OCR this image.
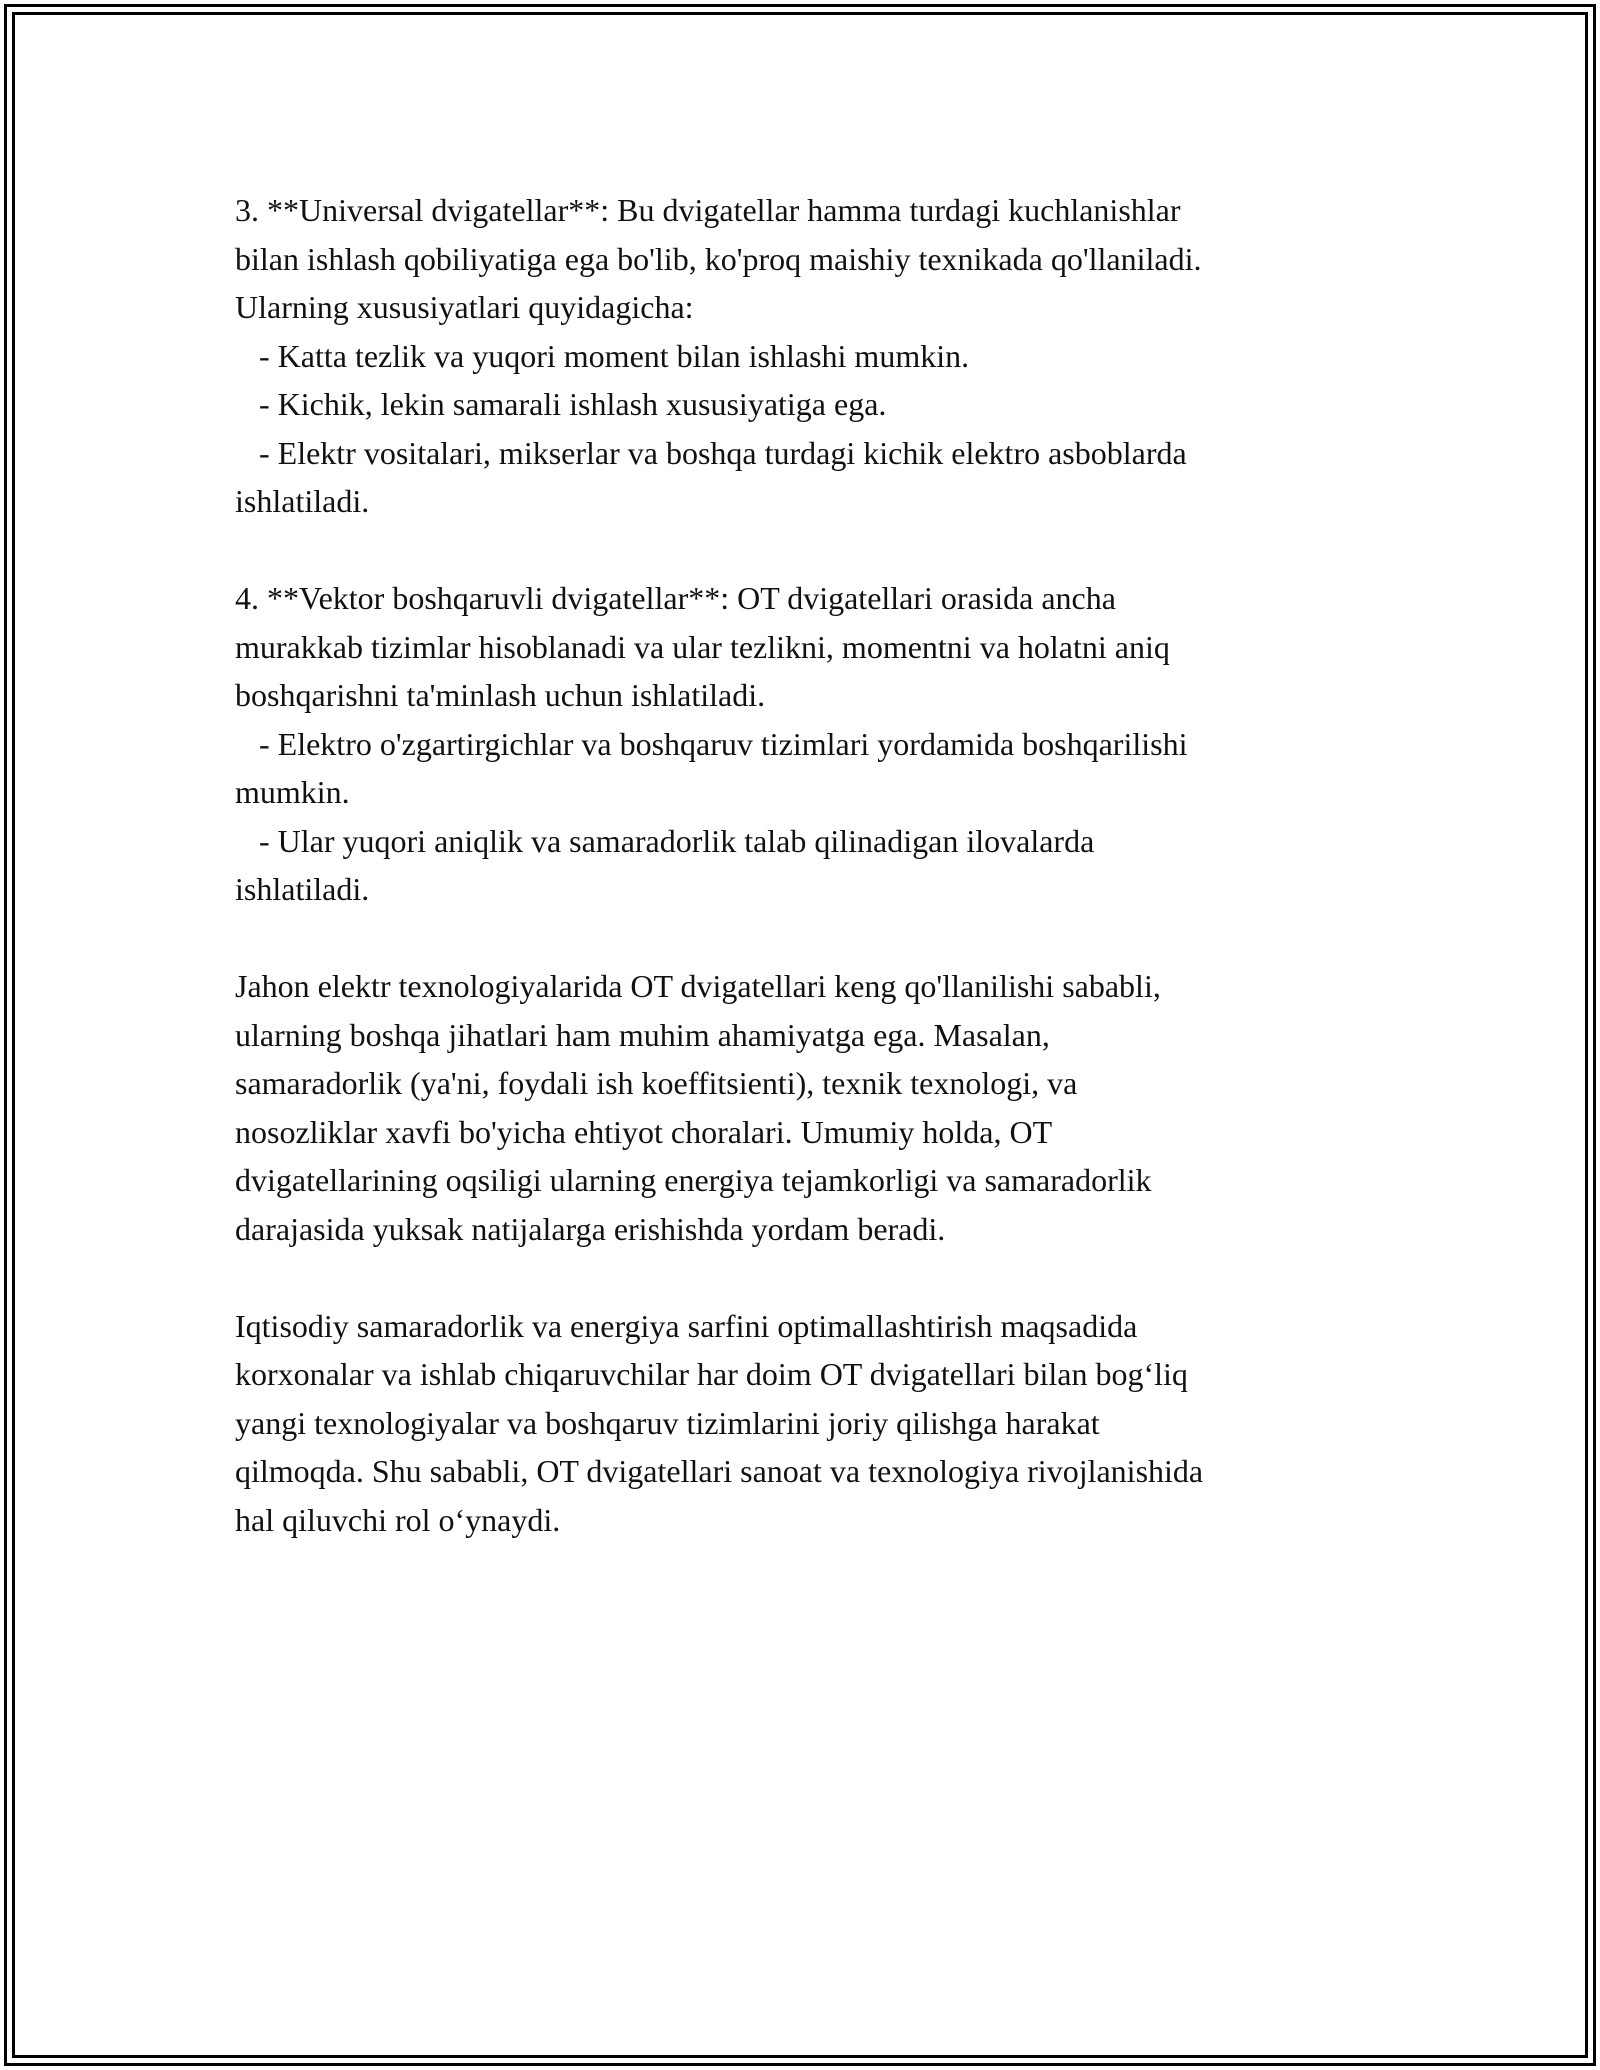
3. **Universal dvigatellar**: Bu dvigatellar hamma turdagi kuchlanishlar
bilan ishlash qobiliyatiga ega bo'lib, ko'proq maishiy texnikada qo'llaniladi.
Ularning xususiyatlari quyidagicha:
- Katta tezlik va yuqori moment bilan ishlashi mumkin.
- Kichik, lekin samarali ishlash xususiyatiga ega.
- Elektr vositalari, mikserlar va boshqa turdagi kichik elektro asboblarda
ishlatiladi.
4. **Vektor boshqaruvli dvigatellar**: OT dvigatellari orasida ancha
murakkab tizimlar hisoblanadi va ular tezlikni, momentni va holatni aniq
boshqarishni ta'minlash uchun ishlatiladi.
- Elektro o'zgartirgichlar va boshqaruv tizimlari yordamida boshqarilishi
mumkin.
- Ular yuqori aniqlik va samaradorlik talab qilinadigan ilovalarda
ishlatiladi.
Jahon elektr texnologiyalarida OT dvigatellari keng qo'llanilishi sababli,
ularning boshqa jihatlari ham muhim ahamiyatga ega. Masalan,
samaradorlik (ya'ni, foydali ish koeffitsienti), texnik texnologi, va
nosozliklar xavfi bo'yicha ehtiyot choralari. Umumiy holda, OT
dvigatellarining oqsiligi ularning energiya tejamkorligi va samaradorlik
darajasida yuksak natijalarga erishishda yordam beradi.
Iqtisodiy samaradorlik va energiya sarfini optimallashtirish maqsadida
korxonalar va ishlab chiqaruvchilar har doim OT dvigatellari bilan bog‘liq
yangi texnologiyalar va boshqaruv tizimlarini joriy qilishga harakat
qilmoqda. Shu sababli, OT dvigatellari sanoat va texnologiya rivojlanishida
hal qiluvchi rol o‘ynaydi.
